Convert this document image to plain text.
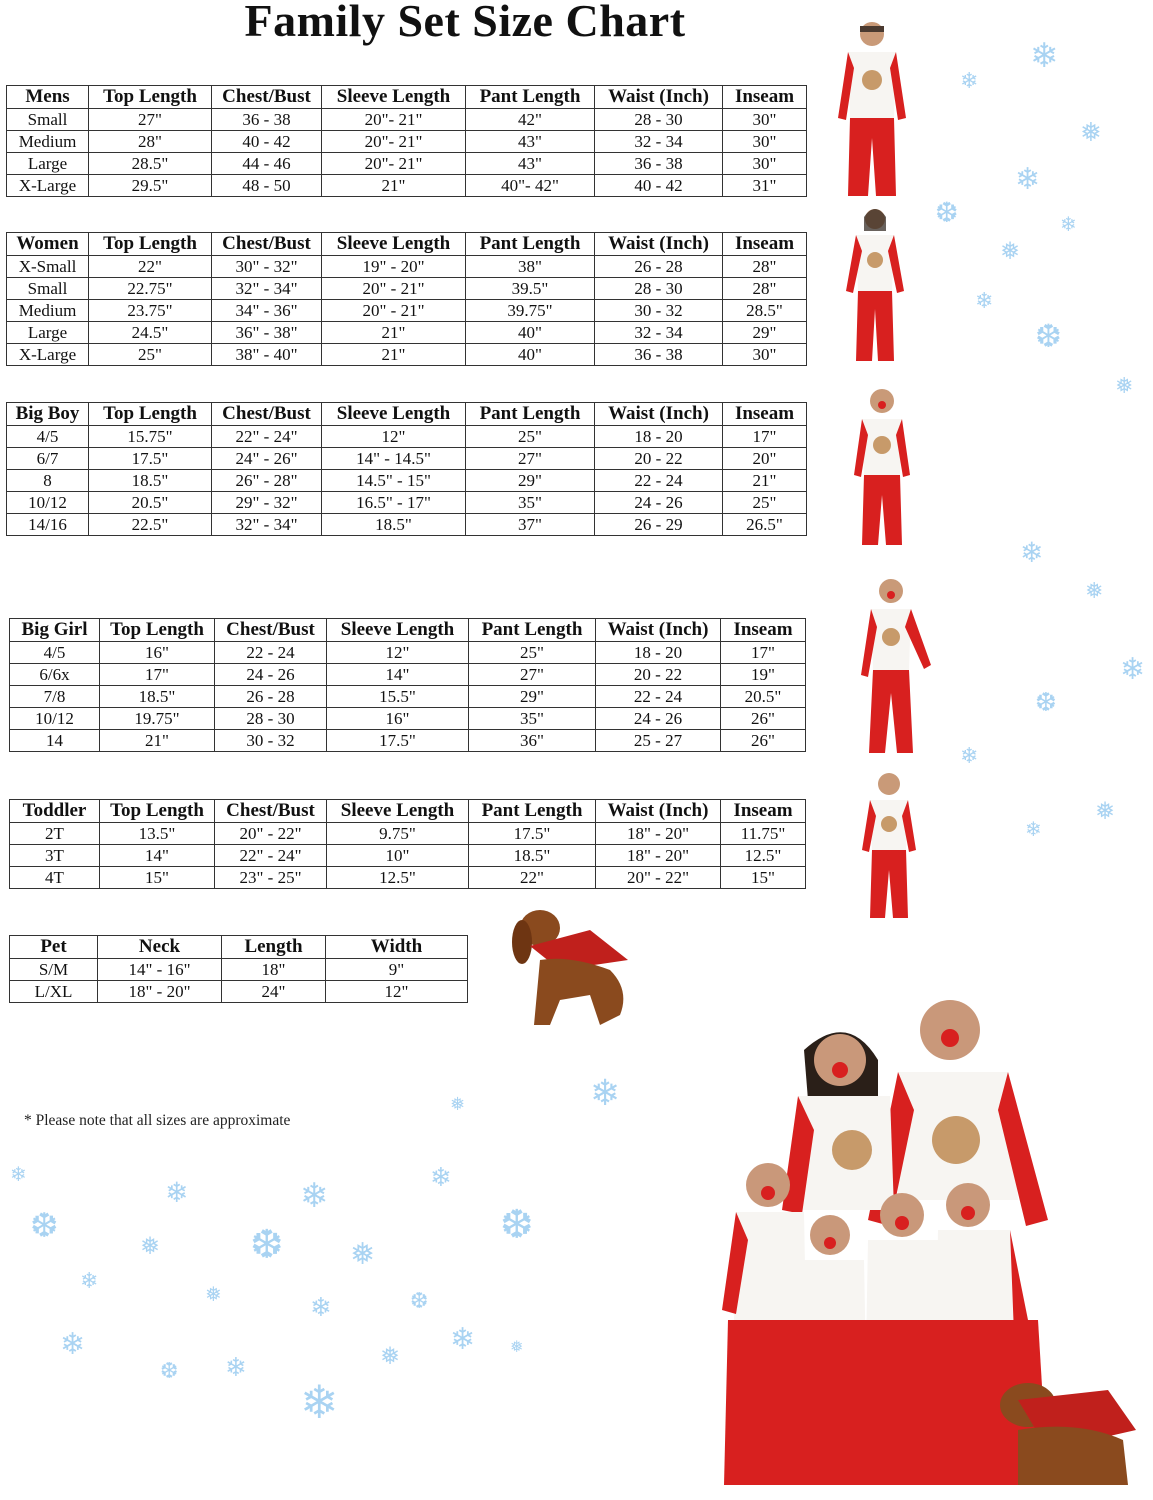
Family Set Size Chart
Mens	Top Length	Chest/Bust	Sleeve Length	Pant Length	Waist (Inch)	Inseam
Small	27"	36 - 38	20"- 21"	42"	28 - 30	30"
Medium	28"	40 - 42	20"- 21"	43"	32 - 34	30"
Large	28.5"	44 - 46	20"- 21"	43"	36 - 38	30"
X-Large	29.5"	48 - 50	21"	40"- 42"	40 - 42	31"
Women	Top Length	Chest/Bust	Sleeve Length	Pant Length	Waist (Inch)	Inseam
X-Small	22"	30" - 32"	19" - 20"	38"	26 - 28	28"
Small	22.75"	32" - 34"	20" - 21"	39.5"	28 - 30	28"
Medium	23.75"	34" - 36"	20" - 21"	39.75"	30 - 32	28.5"
Large	24.5"	36" - 38"	21"	40"	32 - 34	29"
X-Large	25"	38" - 40"	21"	40"	36 - 38	30"
Big Boy	Top Length	Chest/Bust	Sleeve Length	Pant Length	Waist (Inch)	Inseam
4/5	15.75"	22" - 24"	12"	25"	18 - 20	17"
6/7	17.5"	24" - 26"	14" - 14.5"	27"	20 - 22	20"
8	18.5"	26" - 28"	14.5" - 15"	29"	22 - 24	21"
10/12	20.5"	29" - 32"	16.5" - 17"	35"	24 - 26	25"
14/16	22.5"	32" - 34"	18.5"	37"	26 - 29	26.5"
Big Girl	Top Length	Chest/Bust	Sleeve Length	Pant Length	Waist (Inch)	Inseam
4/5	16"	22 - 24	12"	25"	18 - 20	17"
6/6x	17"	24 - 26	14"	27"	20 - 22	19"
7/8	18.5"	26 - 28	15.5"	29"	22 - 24	20.5"
10/12	19.75"	28 - 30	16"	35"	24 - 26	26"
14	21"	30 - 32	17.5"	36"	25 - 27	26"
Toddler	Top Length	Chest/Bust	Sleeve Length	Pant Length	Waist (Inch)	Inseam
2T	13.5"	20" - 22"	9.75"	17.5"	18" - 20"	11.75"
3T	14"	22" - 24"	10"	18.5"	18" - 20"	12.5"
4T	15"	23" - 25"	12.5"	22"	20" - 22"	15"
Pet	Neck	Length	Width
S/M	14" - 16"	18"	9"
L/XL	18" - 20"	24"	12"
* Please note that all sizes are approximate
❄
❄
❅
❄
❆
❅
❄
❄
❆
❅
❄
❅
❄
❆
❄
❅
❄
❄
❅
❆
❄
❄
❆ ❅
❄
❅
❆
❄
❄
❅	❄	❆
❄
❅
❄
❆ ❄
❄
❅
